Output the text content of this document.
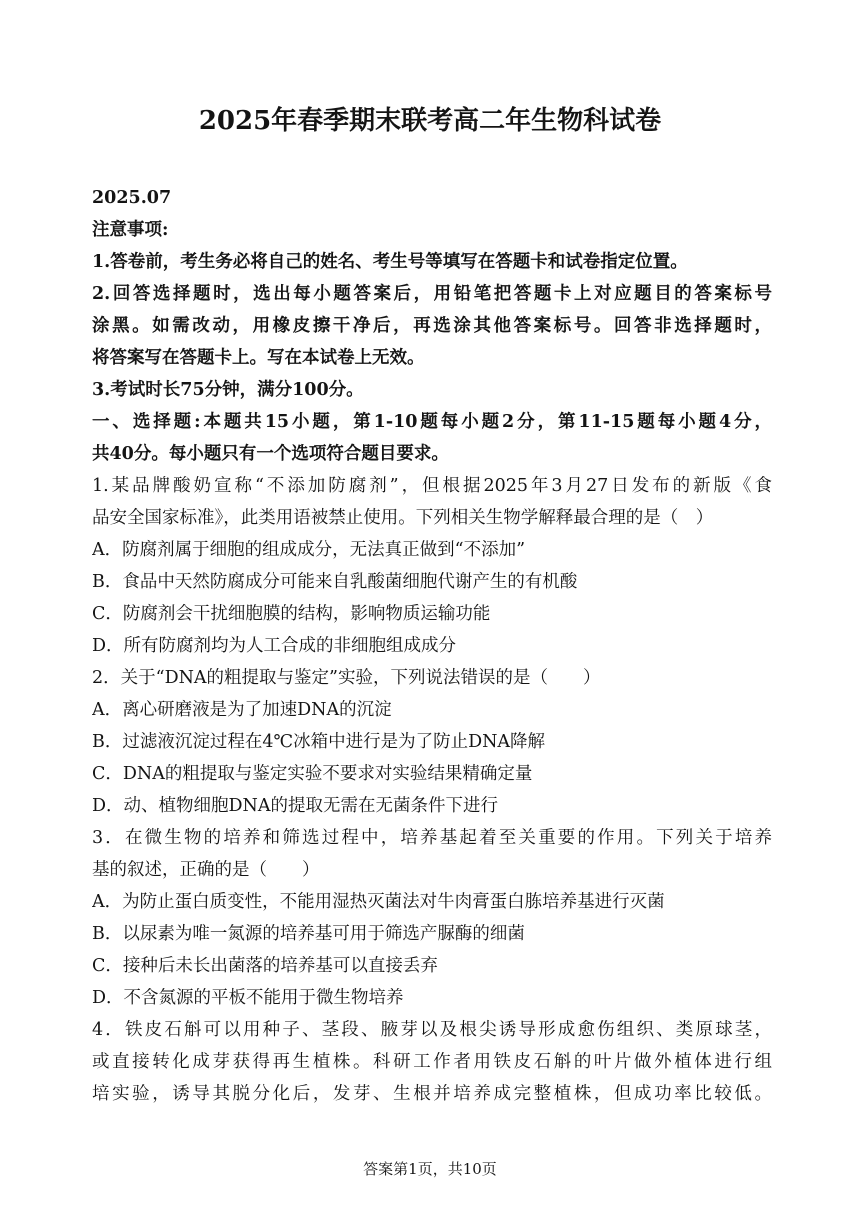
2025年春季期末联考高二年生物科试卷
2025.07
注意事项:
1.答卷前，考生务必将自己的姓名、考生号等填写在答题卡和试卷指定位置。
2.回答选择题时，选出每小题答案后，用铅笔把答题卡上对应题目的答案标号
涂黑。如需改动，用橡皮擦干净后，再选涂其他答案标号。回答非选择题时，
将答案写在答题卡上。写在本试卷上无效。
3.考试时长75分钟，满分100分。
一、选择题:本题共15小题，第1-10题每小题2分，第11-15题每小题4分，
共40分。每小题只有一个选项符合题目要求。
1.某品牌酸奶宣称“不添加防腐剂”，但根据2025年3月27日发布的新版《食
品安全国家标准》，此类用语被禁止使用。下列相关生物学解释最合理的是（　）
A．防腐剂属于细胞的组成成分，无法真正做到“不添加”
B．食品中天然防腐成分可能来自乳酸菌细胞代谢产生的有机酸
C．防腐剂会干扰细胞膜的结构，影响物质运输功能
D．所有防腐剂均为人工合成的非细胞组成成分
2．关于“DNA的粗提取与鉴定”实验，下列说法错误的是（　　）
A．离心研磨液是为了加速DNA的沉淀
B．过滤液沉淀过程在4℃冰箱中进行是为了防止DNA降解
C．DNA的粗提取与鉴定实验不要求对实验结果精确定量
D．动、植物细胞DNA的提取无需在无菌条件下进行
3．在微生物的培养和筛选过程中，培养基起着至关重要的作用。下列关于培养
基的叙述，正确的是（　　）
A．为防止蛋白质变性，不能用湿热灭菌法对牛肉膏蛋白胨培养基进行灭菌
B．以尿素为唯一氮源的培养基可用于筛选产脲酶的细菌
C．接种后未长出菌落的培养基可以直接丢弃
D．不含氮源的平板不能用于微生物培养
4．铁皮石斛可以用种子、茎段、腋芽以及根尖诱导形成愈伤组织、类原球茎，
或直接转化成芽获得再生植株。科研工作者用铁皮石斛的叶片做外植体进行组
培实验，诱导其脱分化后，发芽、生根并培养成完整植株，但成功率比较低。
答案第1页，共10页
